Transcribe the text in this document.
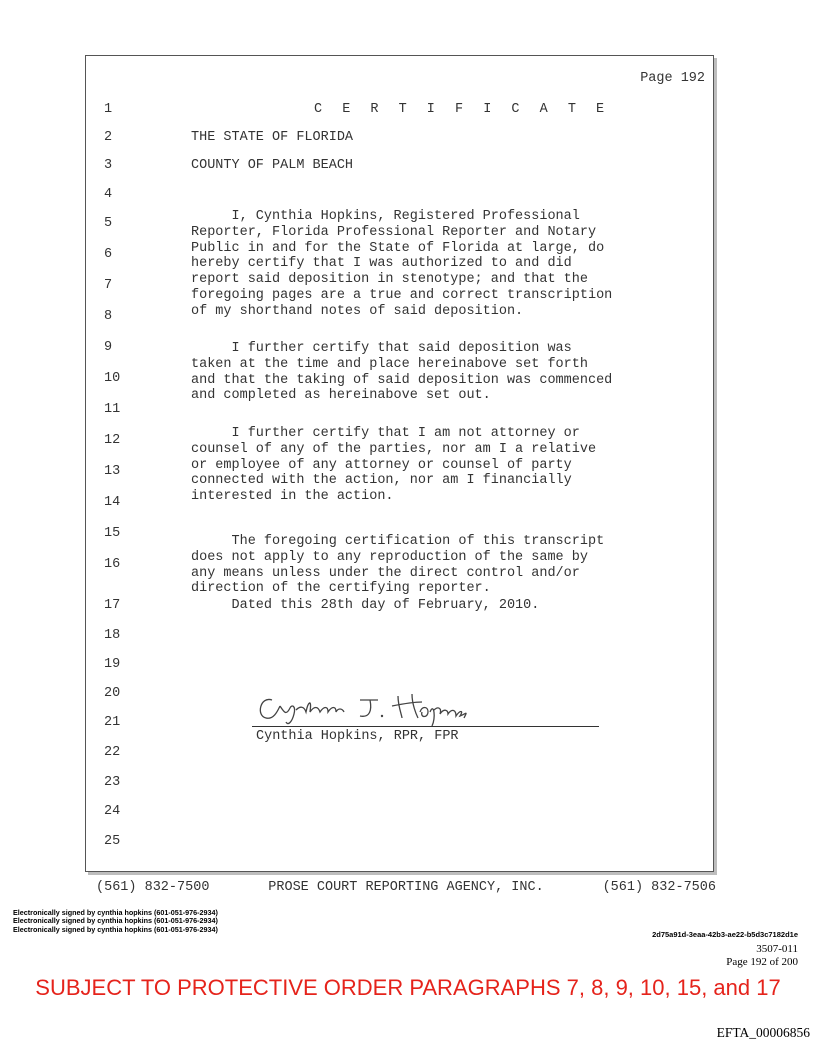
Page 192
1
2
3
4
5
6
7
8
9
10
11
12
13
14
15
16
17
18
19
20
21
22
23
24
25
C E R T I F I C A T E
THE STATE OF FLORIDA
COUNTY OF PALM BEACH
I, Cynthia Hopkins, Registered Professional
Reporter, Florida Professional Reporter and Notary
Public in and for the State of Florida at large, do
hereby certify that I was authorized to and did
report said deposition in stenotype; and that the
foregoing pages are a true and correct transcription
of my shorthand notes of said deposition.
I further certify that said deposition was
taken at the time and place hereinabove set forth
and that the taking of said deposition was commenced
and completed as hereinabove set out.
I further certify that I am not attorney or
counsel of any of the parties, nor am I a relative
or employee of any attorney or counsel of party
connected with the action, nor am I financially
interested in the action.
The foregoing certification of this transcript
does not apply to any reproduction of the same by
any means unless under the direct control and/or
direction of the certifying reporter.
Dated this 28th day of February, 2010.
Cynthia Hopkins, RPR, FPR
(561) 832-7500	PROSE COURT REPORTING AGENCY, INC.	(561) 832-7506
Electronically signed by cynthia hopkins (601-051-976-2934)
Electronically signed by cynthia hopkins (601-051-976-2934)
Electronically signed by cynthia hopkins (601-051-976-2934)
2d75a91d-3eaa-42b3-ae22-b5d3c7182d1e
3507-011
Page 192 of 200
SUBJECT TO PROTECTIVE ORDER PARAGRAPHS 7, 8, 9, 10, 15, and 17
EFTA_00006856
